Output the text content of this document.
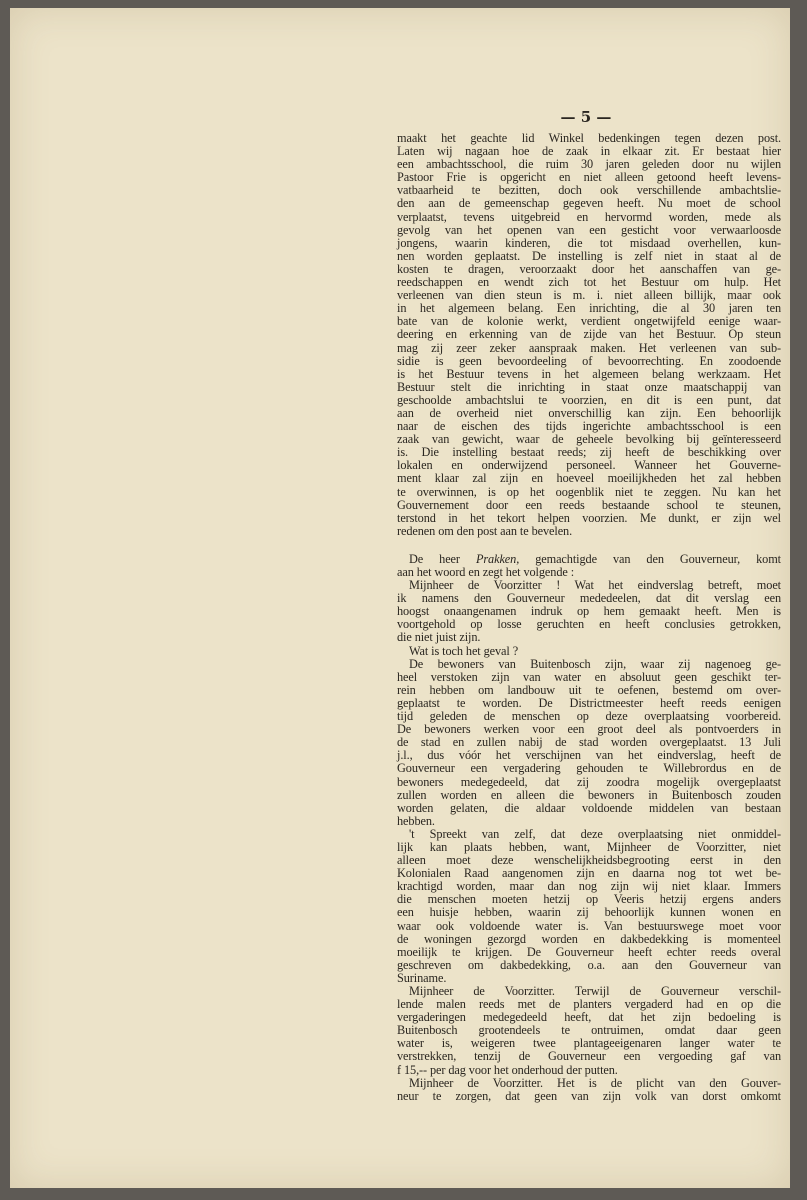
— 5 —
maakt het geachte lid Winkel bedenkingen tegen dezen post.
Laten wij nagaan hoe de zaak in elkaar zit. Er bestaat hier
een ambachtsschool, die ruim 30 jaren geleden door nu wijlen
Pastoor Frie is opgericht en niet alleen getoond heeft levens-
vatbaarheid te bezitten, doch ook verschillende ambachtslie-
den aan de gemeenschap gegeven heeft. Nu moet de school
verplaatst, tevens uitgebreid en hervormd worden, mede als
gevolg van het openen van een gesticht voor verwaarloosde
jongens, waarin kinderen, die tot misdaad overhellen, kun-
nen worden geplaatst. De instelling is zelf niet in staat al de
kosten te dragen, veroorzaakt door het aanschaffen van ge-
reedschappen en wendt zich tot het Bestuur om hulp. Het
verleenen van dien steun is m. i. niet alleen billijk, maar ook
in het algemeen belang. Een inrichting, die al 30 jaren ten
bate van de kolonie werkt, verdient ongetwijfeld eenige waar-
deering en erkenning van de zijde van het Bestuur. Op steun
mag zij zeer zeker aanspraak maken. Het verleenen van sub-
sidie is geen bevoordeeling of bevoorrechting. En zoodoende
is het Bestuur tevens in het algemeen belang werkzaam. Het
Bestuur stelt die inrichting in staat onze maatschappij van
geschoolde ambachtslui te voorzien, en dit is een punt, dat
aan de overheid niet onverschillig kan zijn. Een behoorlijk
naar de eischen des tijds ingerichte ambachtsschool is een
zaak van gewicht, waar de geheele bevolking bij geïnteresseerd
is. Die instelling bestaat reeds; zij heeft de beschikking over
lokalen en onderwijzend personeel. Wanneer het Gouverne-
ment klaar zal zijn en hoeveel moeilijkheden het zal hebben
te overwinnen, is op het oogenblik niet te zeggen. Nu kan het
Gouvernement door een reeds bestaande school te steunen,
terstond in het tekort helpen voorzien. Me dunkt, er zijn wel
redenen om den post aan te bevelen.
De heer Prakken, gemachtigde van den Gouverneur, komt
aan het woord en zegt het volgende :
Mijnheer de Voorzitter ! Wat het eindverslag betreft, moet
ik namens den Gouverneur mededeelen, dat dit verslag een
hoogst onaangenamen indruk op hem gemaakt heeft. Men is
voortgehold op losse geruchten en heeft conclusies getrokken,
die niet juist zijn.
Wat is toch het geval ?
De bewoners van Buitenbosch zijn, waar zij nagenoeg ge-
heel verstoken zijn van water en absoluut geen geschikt ter-
rein hebben om landbouw uit te oefenen, bestemd om over-
geplaatst te worden. De Districtmeester heeft reeds eenigen
tijd geleden de menschen op deze overplaatsing voorbereid.
De bewoners werken voor een groot deel als pontvoerders in
de stad en zullen nabij de stad worden overgeplaatst. 13 Juli
j.l., dus vóór het verschijnen van het eindverslag, heeft de
Gouverneur een vergadering gehouden te Willebrordus en de
bewoners medegedeeld, dat zij zoodra mogelijk overgeplaatst
zullen worden en alleen die bewoners in Buitenbosch zouden
worden gelaten, die aldaar voldoende middelen van bestaan
hebben.
't Spreekt van zelf, dat deze overplaatsing niet onmiddel-
lijk kan plaats hebben, want, Mijnheer de Voorzitter, niet
alleen moet deze wenschelijkheidsbegrooting eerst in den
Kolonialen Raad aangenomen zijn en daarna nog tot wet be-
krachtigd worden, maar dan nog zijn wij niet klaar. Immers
die menschen moeten hetzij op Veeris hetzij ergens anders
een huisje hebben, waarin zij behoorlijk kunnen wonen en
waar ook voldoende water is. Van bestuurswege moet voor
de woningen gezorgd worden en dakbedekking is momenteel
moeilijk te krijgen. De Gouverneur heeft echter reeds overal
geschreven om dakbedekking, o.a. aan den Gouverneur van
Suriname.
Mijnheer de Voorzitter. Terwijl de Gouverneur verschil-
lende malen reeds met de planters vergaderd had en op die
vergaderingen medegedeeld heeft, dat het zijn bedoeling is
Buitenbosch grootendeels te ontruimen, omdat daar geen
water is, weigeren twee plantageeigenaren langer water te
verstrekken, tenzij de Gouverneur een vergoeding gaf van
f 15,-- per dag voor het onderhoud der putten.
Mijnheer de Voorzitter. Het is de plicht van den Gouver-
neur te zorgen, dat geen van zijn volk van dorst omkomt
